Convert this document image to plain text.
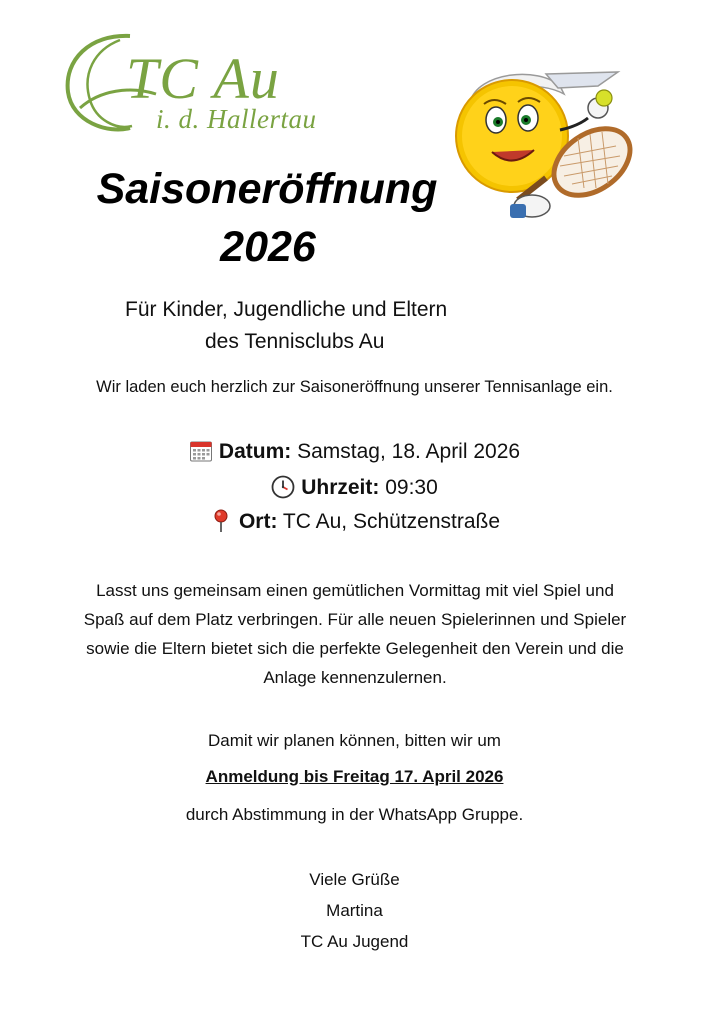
TC Au
i. d. Hallertau
Saisoneröffnung
2026
Für Kinder, Jugendliche und Eltern
des Tennisclubs Au
Wir laden euch herzlich zur Saisoneröffnung unserer Tennisanlage ein.
Datum: Samstag, 18. April 2026
Uhrzeit: 09:30
Ort: TC Au, Schützenstraße
Lasst uns gemeinsam einen gemütlichen Vormittag mit viel Spiel und
Spaß auf dem Platz verbringen. Für alle neuen Spielerinnen und Spieler
sowie die Eltern bietet sich die perfekte Gelegenheit den Verein und die
Anlage kennenzulernen.
Damit wir planen können, bitten wir um
Anmeldung bis Freitag 17. April 2026
durch Abstimmung in der WhatsApp Gruppe.
Viele Grüße
Martina
TC Au Jugend
